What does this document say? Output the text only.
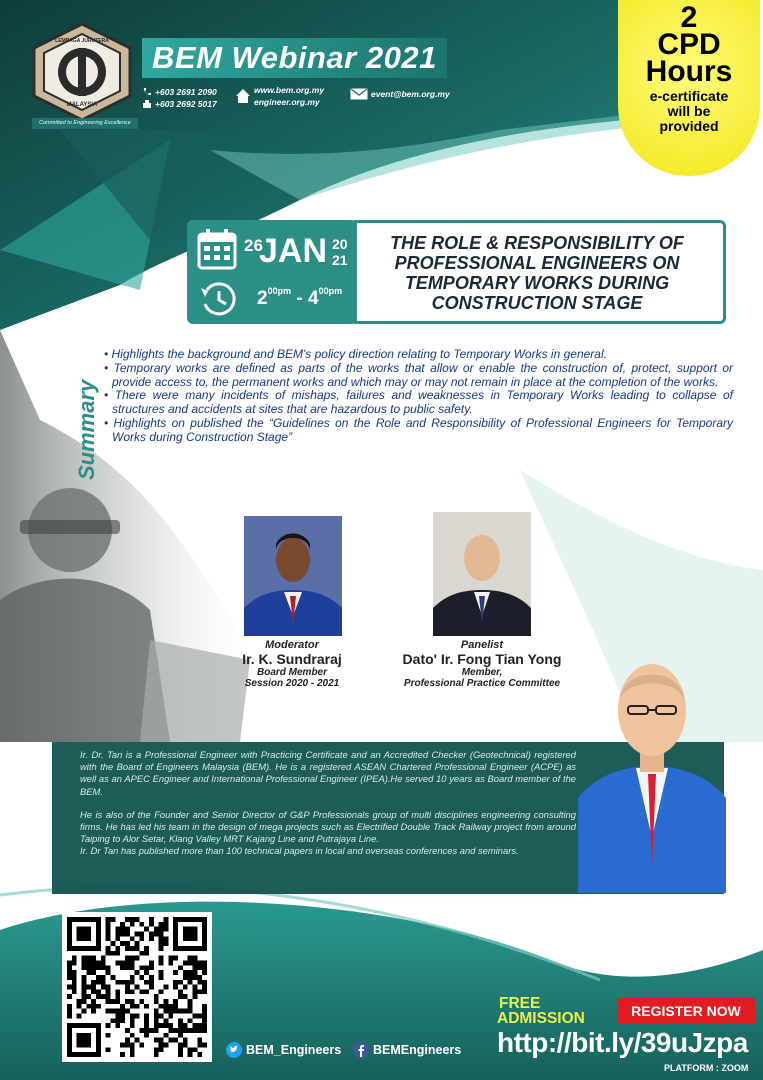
MALAYSIA
LEMBAGA JURUTERA
Committed to Engineering Excellence
BEM Webinar 2021
+603 2691 2090
+603 2692 5017
www.bem.org.my
engineer.org.my
event@bem.org.my
2
CPD
Hours
e-certificate
will be
provided
26
JAN 20
21
$2^{00pm} - 4^{00pm}$
THE ROLE & RESPONSIBILITY OF
PROFESSIONAL ENGINEERS ON
TEMPORARY WORKS DURING
CONSTRUCTION STAGE
Summary
• Highlights the background and BEM's policy direction relating to Temporary Works in general.
• Temporary works are defined as parts of the works that allow or enable the construction of, protect, support or provide access to, the permanent works and which may or may not remain in place at the completion of the works.
• There were many incidents of mishaps, failures and weaknesses in Temporary Works leading to collapse of structures and accidents at sites that are hazardous to public safety.
• Highlights on published the “Guidelines on the Role and Responsibility of Professional Engineers for Temporary Works during Construction Stage”
Moderator
Ir. K. Sundraraj
Board Member
Session 2020 - 2021
Panelist
Dato' Ir. Fong Tian Yong
Member,
Professional Practice Committee

Ir. Dr. Tan is a Professional Engineer with Practicing Certificate and an Accredited Checker (Geotechnical) registered with the Board of Engineers Malaysia (BEM). He is a registered ASEAN Chartered Professional Engineer (ACPE) as well as an APEC Engineer and International Professional Engineer (IPEA).He served 10 years as Board member of the BEM.

He is also of the Founder and Senior Director of G&P Professionals group of multi disciplines engineering consulting firms. He has led his team in the design of mega projects such as Electrified Double Track Railway project from around Taiping to Alor Setar, Klang Valley MRT Kajang Line and Putrajaya Line.
Ir. Dr Tan has published more than 100 technical papers in local and overseas conferences and seminars.

Speaker
Ir. Dr. Tan Yean Chin
Member,
Working Group
Professional Practice
BEM_Engineers	BEMEngineers
FREE
ADMISSION	REGISTER NOW
http://bit.ly/39uJzpa
PLATFORM : ZOOM
